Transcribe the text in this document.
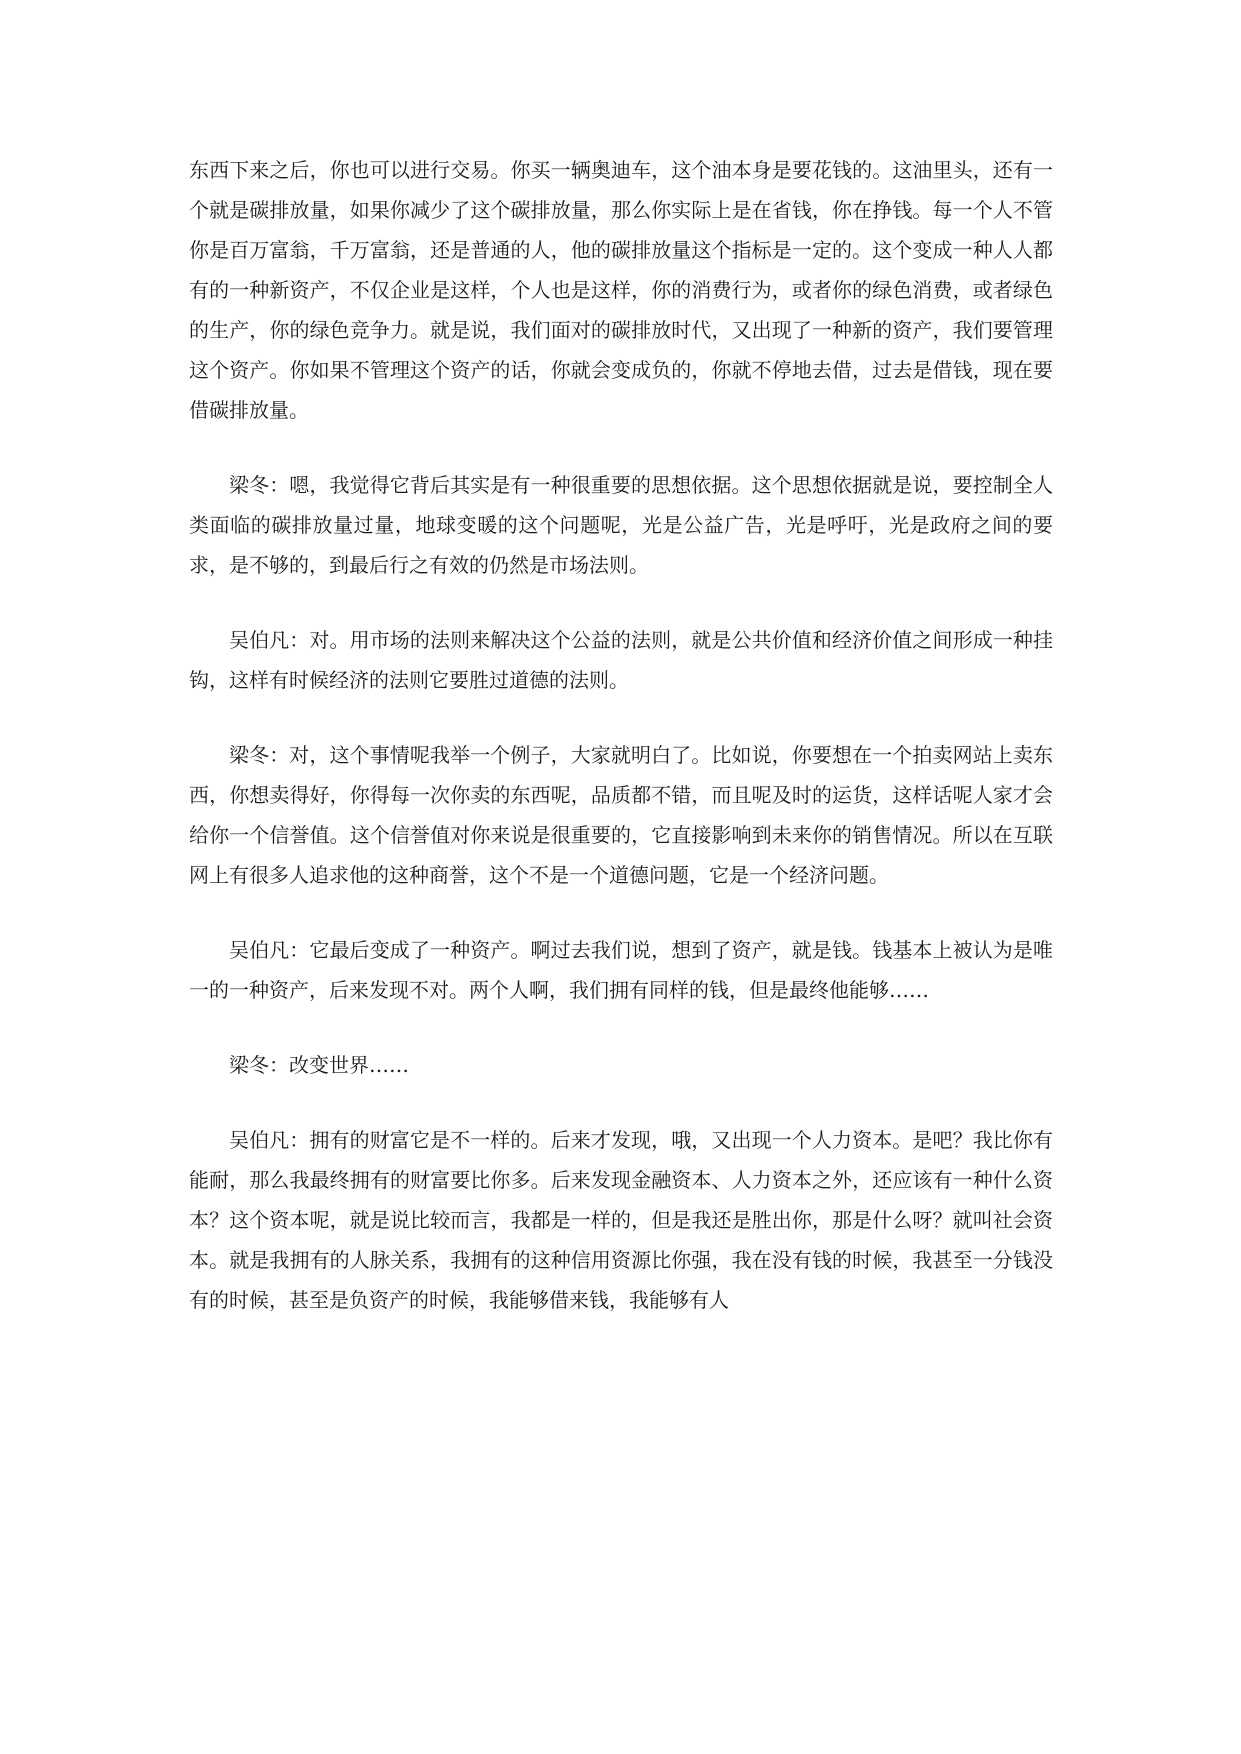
东西下来之后，你也可以进行交易。你买一辆奥迪车，这个油本身是要花钱的。这油里头，还有一个就是碳排放量，如果你减少了这个碳排放量，那么你实际上是在省钱，你在挣钱。每一个人不管你是百万富翁，千万富翁，还是普通的人，他的碳排放量这个指标是一定的。这个变成一种人人都有的一种新资产，不仅企业是这样，个人也是这样，你的消费行为，或者你的绿色消费，或者绿色的生产，你的绿色竞争力。就是说，我们面对的碳排放时代，又出现了一种新的资产，我们要管理这个资产。你如果不管理这个资产的话，你就会变成负的，你就不停地去借，过去是借钱，现在要借碳排放量。

梁冬：嗯，我觉得它背后其实是有一种很重要的思想依据。这个思想依据就是说，要控制全人类面临的碳排放量过量，地球变暖的这个问题呢，光是公益广告，光是呼吁，光是政府之间的要求，是不够的，到最后行之有效的仍然是市场法则。

吴伯凡：对。用市场的法则来解决这个公益的法则，就是公共价值和经济价值之间形成一种挂钩，这样有时候经济的法则它要胜过道德的法则。

梁冬：对，这个事情呢我举一个例子，大家就明白了。比如说，你要想在一个拍卖网站上卖东西，你想卖得好，你得每一次你卖的东西呢，品质都不错，而且呢及时的运货，这样话呢人家才会给你一个信誉值。这个信誉值对你来说是很重要的，它直接影响到未来你的销售情况。所以在互联网上有很多人追求他的这种商誉，这个不是一个道德问题，它是一个经济问题。

吴伯凡：它最后变成了一种资产。啊过去我们说，想到了资产，就是钱。钱基本上被认为是唯一的一种资产，后来发现不对。两个人啊，我们拥有同样的钱，但是最终他能够……

梁冬：改变世界……

吴伯凡：拥有的财富它是不一样的。后来才发现，哦，又出现一个人力资本。是吧？我比你有能耐，那么我最终拥有的财富要比你多。后来发现金融资本、人力资本之外，还应该有一种什么资本？这个资本呢，就是说比较而言，我都是一样的，但是我还是胜出你，那是什么呀？就叫社会资本。就是我拥有的人脉关系，我拥有的这种信用资源比你强，我在没有钱的时候，我甚至一分钱没有的时候，甚至是负资产的时候，我能够借来钱，我能够有人
